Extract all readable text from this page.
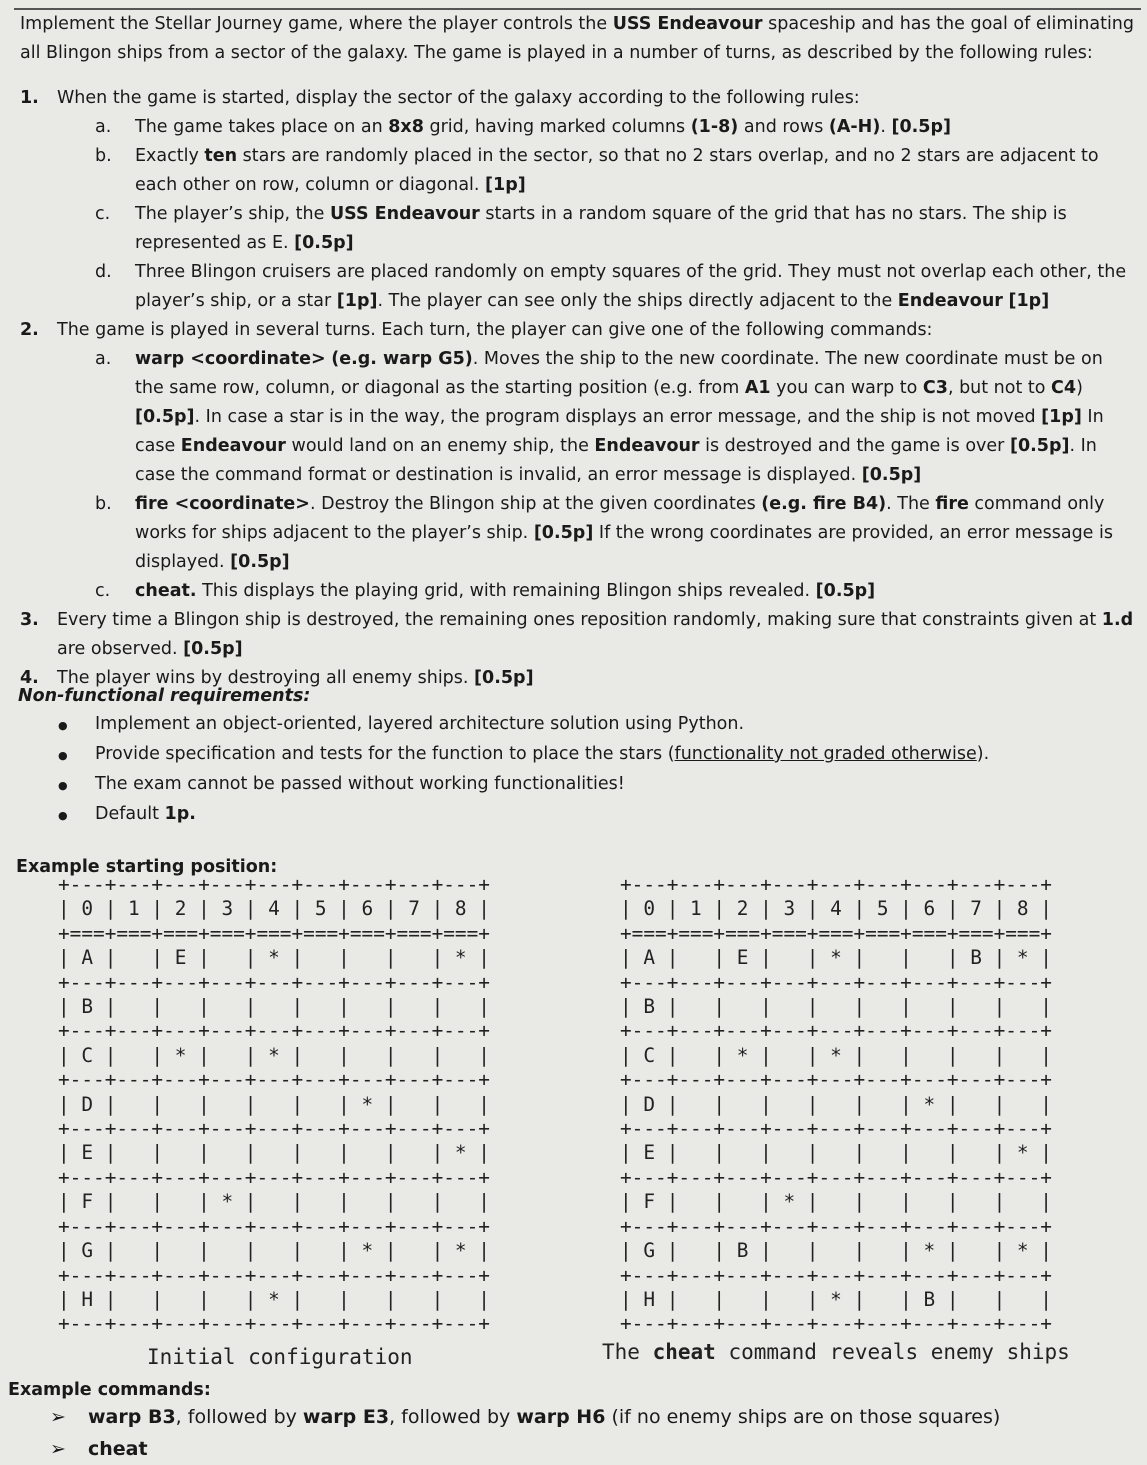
Implement the Stellar Journey game, where the player controls the USS Endeavour spaceship and has the goal of eliminating all Blingon ships from a sector of the galaxy. The game is played in a number of turns, as described by the following rules:
1.	When the game is started, display the sector of the galaxy according to the following rules:
a.	The game takes place on an 8x8 grid, having marked columns (1-8) and rows (A-H). [0.5p]
b.	Exactly ten stars are randomly placed in the sector, so that no 2 stars overlap, and no 2 stars are adjacent to each other on row, column or diagonal. [1p]
c.	The player’s ship, the USS Endeavour starts in a random square of the grid that has no stars. The ship is represented as E. [0.5p]
d.	Three Blingon cruisers are placed randomly on empty squares of the grid. They must not overlap each other, the player’s ship, or a star [1p]. The player can see only the ships directly adjacent to the Endeavour [1p]
2.	The game is played in several turns. Each turn, the player can give one of the following commands:
a.	warp <coordinate> (e.g. warp G5). Moves the ship to the new coordinate. The new coordinate must be on the same row, column, or diagonal as the starting position (e.g. from A1 you can warp to C3, but not to C4) [0.5p]. In case a star is in the way, the program displays an error message, and the ship is not moved [1p] In case Endeavour would land on an enemy ship, the Endeavour is destroyed and the game is over [0.5p]. In case the command format or destination is invalid, an error message is displayed. [0.5p]
b.	fire <coordinate>. Destroy the Blingon ship at the given coordinates (e.g. fire B4). The fire command only works for ships adjacent to the player’s ship. [0.5p] If the wrong coordinates are provided, an error message is displayed. [0.5p]
c.	cheat. This displays the playing grid, with remaining Blingon ships revealed. [0.5p]
3.	Every time a Blingon ship is destroyed, the remaining ones reposition randomly, making sure that constraints given at 1.d are observed. [0.5p]
4.	The player wins by destroying all enemy ships. [0.5p]
Non-functional requirements:
●
Implement an object-oriented, layered architecture solution using Python.
●
Provide specification and tests for the function to place the stars (functionality not graded otherwise).
●
The exam cannot be passed without working functionalities!
●
Default 1p.
Example starting position:
+---+---+---+---+---+---+---+---+---+
| 0 | 1 | 2 | 3 | 4 | 5 | 6 | 7 | 8 |
+===+===+===+===+===+===+===+===+===+
| A |   | E |   | * |   |   |   | * |
+---+---+---+---+---+---+---+---+---+
| B |   |   |   |   |   |   |   |   |
+---+---+---+---+---+---+---+---+---+
| C |   | * |   | * |   |   |   |   |
+---+---+---+---+---+---+---+---+---+
| D |   |   |   |   |   | * |   |   |
+---+---+---+---+---+---+---+---+---+
| E |   |   |   |   |   |   |   | * |
+---+---+---+---+---+---+---+---+---+
| F |   |   | * |   |   |   |   |   |
+---+---+---+---+---+---+---+---+---+
| G |   |   |   |   |   | * |   | * |
+---+---+---+---+---+---+---+---+---+
| H |   |   |   | * |   |   |   |   |
+---+---+---+---+---+---+---+---+---+
+---+---+---+---+---+---+---+---+---+
| 0 | 1 | 2 | 3 | 4 | 5 | 6 | 7 | 8 |
+===+===+===+===+===+===+===+===+===+
| A |   | E |   | * |   |   | B | * |
+---+---+---+---+---+---+---+---+---+
| B |   |   |   |   |   |   |   |   |
+---+---+---+---+---+---+---+---+---+
| C |   | * |   | * |   |   |   |   |
+---+---+---+---+---+---+---+---+---+
| D |   |   |   |   |   | * |   |   |
+---+---+---+---+---+---+---+---+---+
| E |   |   |   |   |   |   |   | * |
+---+---+---+---+---+---+---+---+---+
| F |   |   | * |   |   |   |   |   |
+---+---+---+---+---+---+---+---+---+
| G |   | B |   |   |   | * |   | * |
+---+---+---+---+---+---+---+---+---+
| H |   |   |   | * |   | B |   |   |
+---+---+---+---+---+---+---+---+---+
Initial configuration	The cheat command reveals enemy ships
Example commands:
➢	warp B3, followed by warp E3, followed by warp H6 (if no enemy ships are on those squares)
➢	cheat
